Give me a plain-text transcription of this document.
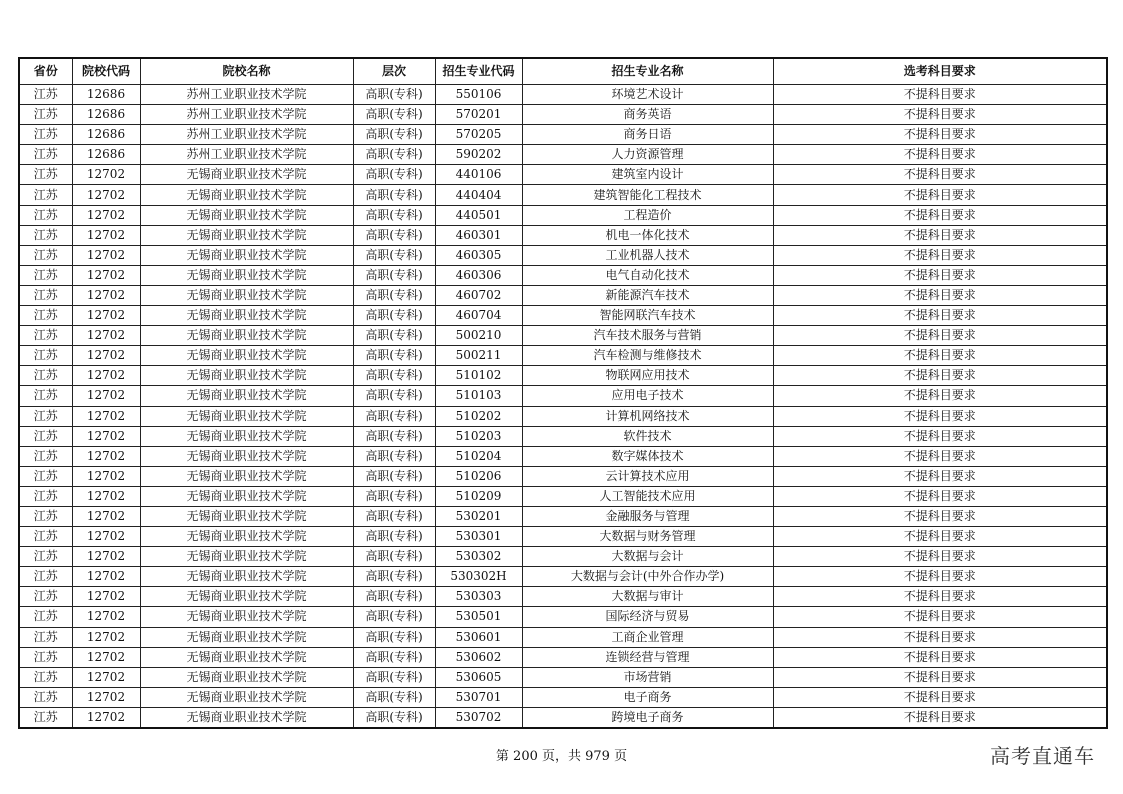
省份	院校代码	院校名称	层次	招生专业代码	招生专业名称	选考科目要求
江苏	12686	苏州工业职业技术学院	高职(专科)	550106	环境艺术设计	不提科目要求
江苏	12686	苏州工业职业技术学院	高职(专科)	570201	商务英语	不提科目要求
江苏	12686	苏州工业职业技术学院	高职(专科)	570205	商务日语	不提科目要求
江苏	12686	苏州工业职业技术学院	高职(专科)	590202	人力资源管理	不提科目要求
江苏	12702	无锡商业职业技术学院	高职(专科)	440106	建筑室内设计	不提科目要求
江苏	12702	无锡商业职业技术学院	高职(专科)	440404	建筑智能化工程技术	不提科目要求
江苏	12702	无锡商业职业技术学院	高职(专科)	440501	工程造价	不提科目要求
江苏	12702	无锡商业职业技术学院	高职(专科)	460301	机电一体化技术	不提科目要求
江苏	12702	无锡商业职业技术学院	高职(专科)	460305	工业机器人技术	不提科目要求
江苏	12702	无锡商业职业技术学院	高职(专科)	460306	电气自动化技术	不提科目要求
江苏	12702	无锡商业职业技术学院	高职(专科)	460702	新能源汽车技术	不提科目要求
江苏	12702	无锡商业职业技术学院	高职(专科)	460704	智能网联汽车技术	不提科目要求
江苏	12702	无锡商业职业技术学院	高职(专科)	500210	汽车技术服务与营销	不提科目要求
江苏	12702	无锡商业职业技术学院	高职(专科)	500211	汽车检测与维修技术	不提科目要求
江苏	12702	无锡商业职业技术学院	高职(专科)	510102	物联网应用技术	不提科目要求
江苏	12702	无锡商业职业技术学院	高职(专科)	510103	应用电子技术	不提科目要求
江苏	12702	无锡商业职业技术学院	高职(专科)	510202	计算机网络技术	不提科目要求
江苏	12702	无锡商业职业技术学院	高职(专科)	510203	软件技术	不提科目要求
江苏	12702	无锡商业职业技术学院	高职(专科)	510204	数字媒体技术	不提科目要求
江苏	12702	无锡商业职业技术学院	高职(专科)	510206	云计算技术应用	不提科目要求
江苏	12702	无锡商业职业技术学院	高职(专科)	510209	人工智能技术应用	不提科目要求
江苏	12702	无锡商业职业技术学院	高职(专科)	530201	金融服务与管理	不提科目要求
江苏	12702	无锡商业职业技术学院	高职(专科)	530301	大数据与财务管理	不提科目要求
江苏	12702	无锡商业职业技术学院	高职(专科)	530302	大数据与会计	不提科目要求
江苏	12702	无锡商业职业技术学院	高职(专科)	530302H	大数据与会计(中外合作办学)	不提科目要求
江苏	12702	无锡商业职业技术学院	高职(专科)	530303	大数据与审计	不提科目要求
江苏	12702	无锡商业职业技术学院	高职(专科)	530501	国际经济与贸易	不提科目要求
江苏	12702	无锡商业职业技术学院	高职(专科)	530601	工商企业管理	不提科目要求
江苏	12702	无锡商业职业技术学院	高职(专科)	530602	连锁经营与管理	不提科目要求
江苏	12702	无锡商业职业技术学院	高职(专科)	530605	市场营销	不提科目要求
江苏	12702	无锡商业职业技术学院	高职(专科)	530701	电子商务	不提科目要求
江苏	12702	无锡商业职业技术学院	高职(专科)	530702	跨境电子商务	不提科目要求
第 200 页，共 979 页	高考直通车
